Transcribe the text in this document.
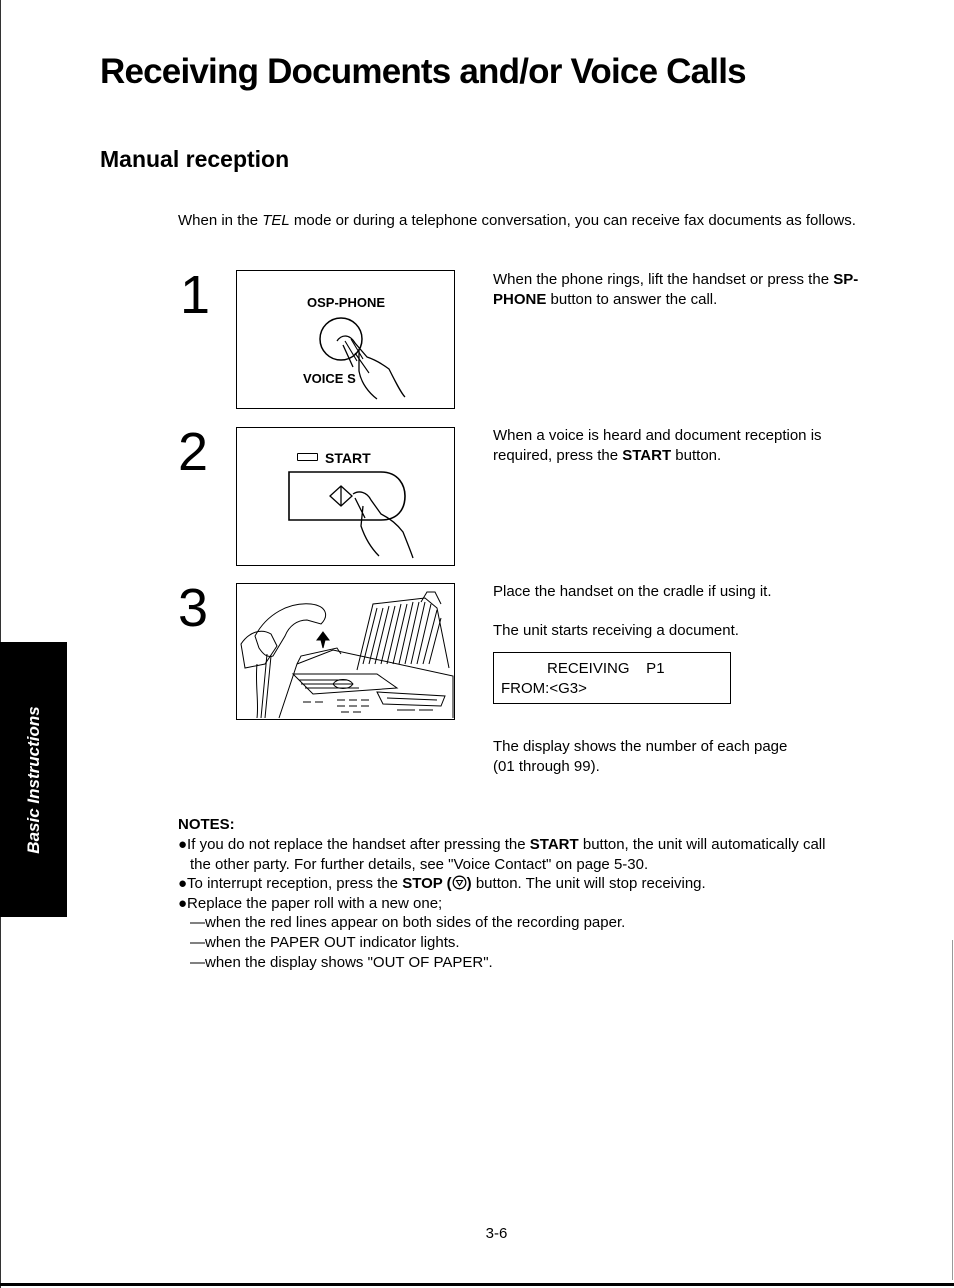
Receiving Documents and/or Voice Calls
Manual reception
When in the TEL mode or during a telephone conversation, you can receive fax documents as follows.
1	OSP-PHONE
VOICE S
When the phone rings, lift the handset or press the SP-PHONE button to answer the call.
2	START
When a voice is heard and document reception is required, press the START button.
3	Place the handset on the cradle if using it.
The unit starts receiving a document.
RECEIVING    P1
FROM:<G3>
The display shows the number of each page
(01 through 99).
NOTES:
●If you do not replace the handset after pressing the START button, the unit will automatically call
the other party. For further details, see "Voice Contact" on page 5-30.
●To interrupt reception, press the STOP ( ) button. The unit will stop receiving.
●Replace the paper roll with a new one;
—when the red lines appear on both sides of the recording paper.
—when the PAPER OUT indicator lights.
—when the display shows "OUT OF PAPER".
Basic Instructions
3-6
